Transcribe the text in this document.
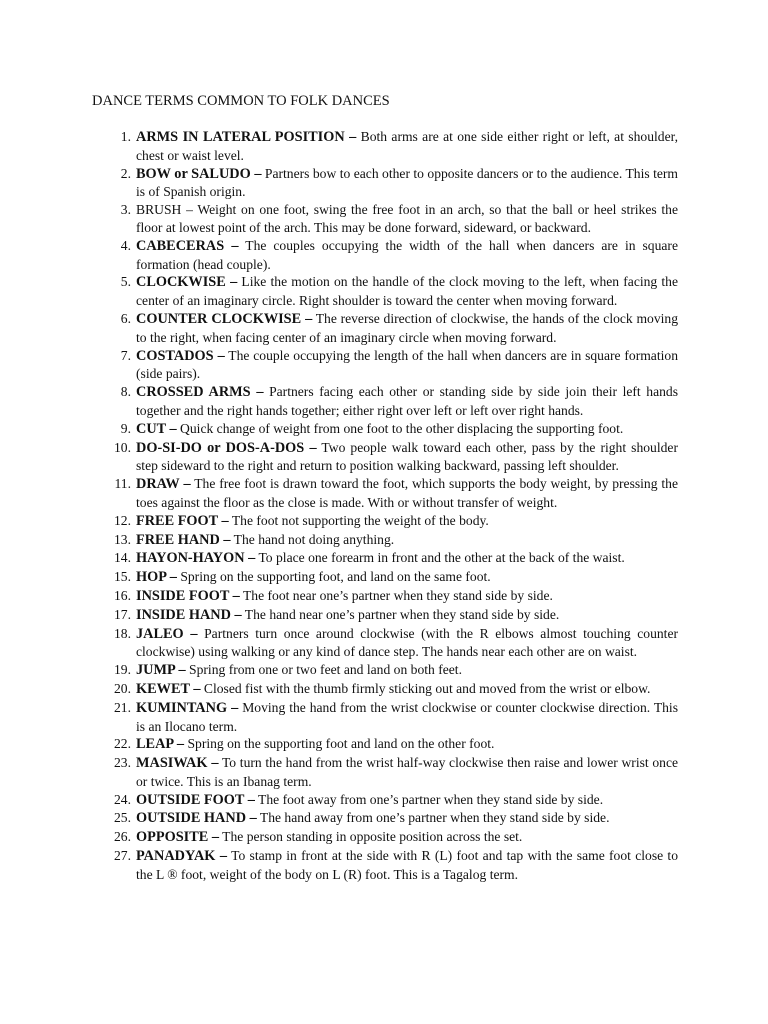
DANCE TERMS COMMON TO FOLK DANCES
1. ARMS IN LATERAL POSITION – Both arms are at one side either right or left, at shoulder, chest or waist level.
2. BOW or SALUDO – Partners bow to each other to opposite dancers or to the audience. This term is of Spanish origin.
3. BRUSH – Weight on one foot, swing the free foot in an arch, so that the ball or heel strikes the floor at lowest point of the arch. This may be done forward, sideward, or backward.
4. CABECERAS – The couples occupying the width of the hall when dancers are in square formation (head couple).
5. CLOCKWISE – Like the motion on the handle of the clock moving to the left, when facing the center of an imaginary circle. Right shoulder is toward the center when moving forward.
6. COUNTER CLOCKWISE – The reverse direction of clockwise, the hands of the clock moving to the right, when facing center of an imaginary circle when moving forward.
7. COSTADOS – The couple occupying the length of the hall when dancers are in square formation (side pairs).
8. CROSSED ARMS – Partners facing each other or standing side by side join their left hands together and the right hands together; either right over left or left over right hands.
9. CUT – Quick change of weight from one foot to the other displacing the supporting foot.
10. DO-SI-DO or DOS-A-DOS – Two people walk toward each other, pass by the right shoulder step sideward to the right and return to position walking backward, passing left shoulder.
11. DRAW – The free foot is drawn toward the foot, which supports the body weight, by pressing the toes against the floor as the close is made. With or without transfer of weight.
12. FREE FOOT – The foot not supporting the weight of the body.
13. FREE HAND – The hand not doing anything.
14. HAYON-HAYON – To place one forearm in front and the other at the back of the waist.
15. HOP – Spring on the supporting foot, and land on the same foot.
16. INSIDE FOOT – The foot near one’s partner when they stand side by side.
17. INSIDE HAND – The hand near one’s partner when they stand side by side.
18. JALEO – Partners turn once around clockwise (with the R elbows almost touching counter clockwise) using walking or any kind of dance step. The hands near each other are on waist.
19. JUMP – Spring from one or two feet and land on both feet.
20. KEWET – Closed fist with the thumb firmly sticking out and moved from the wrist or elbow.
21. KUMINTANG – Moving the hand from the wrist clockwise or counter clockwise direction. This is an Ilocano term.
22. LEAP – Spring on the supporting foot and land on the other foot.
23. MASIWAK – To turn the hand from the wrist half-way clockwise then raise and lower wrist once or twice. This is an Ibanag term.
24. OUTSIDE FOOT – The foot away from one’s partner when they stand side by side.
25. OUTSIDE HAND – The hand away from one’s partner when they stand side by side.
26. OPPOSITE – The person standing in opposite position across the set.
27. PANADYAK – To stamp in front at the side with R (L) foot and tap with the same foot close to the L ® foot, weight of the body on L (R) foot. This is a Tagalog term.
